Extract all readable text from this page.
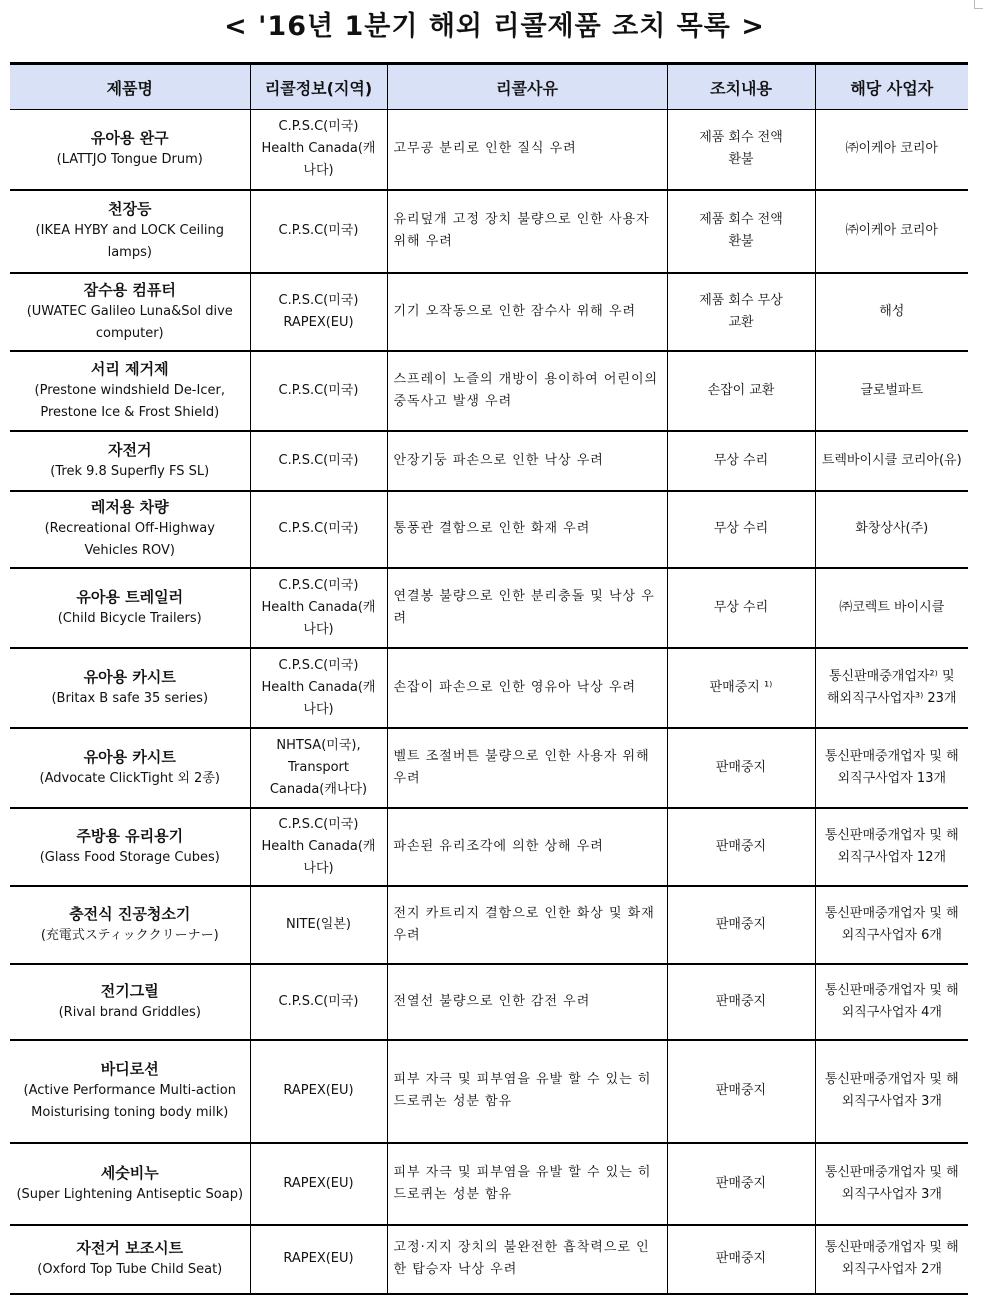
< '16년 1분기 해외 리콜제품 조치 목록 >
제품명	리콜정보(지역)	리콜사유	조치내용	해당 사업자

유아용 완구
(LATTJO Tongue Drum)	C.P.S.C(미국) Health Canada(캐나다)	고무공 분리로 인한 질식 우려	제품 회수 전액 환불	㈜이케아 코리아

천장등
(IKEA HYBY and LOCK Ceiling lamps)	C.P.S.C(미국)	유리덮개 고정 장치 불량으로 인한 사용자 위해 우려	제품 회수 전액 환불	㈜이케아 코리아

잠수용 컴퓨터
(UWATEC Galileo Luna&Sol dive computer)	C.P.S.C(미국) RAPEX(EU)	기기 오작동으로 인한 잠수사 위해 우려	제품 회수 무상 교환	해성

서리 제거제
(Prestone windshield De-Icer, Prestone Ice & Frost Shield)	C.P.S.C(미국)	스프레이 노즐의 개방이 용이하여 어린이의 중독사고 발생 우려	손잡이 교환	글로벌파트

자전거
(Trek 9.8 Superfly FS SL)	C.P.S.C(미국)	안장기둥 파손으로 인한 낙상 우려	무상 수리	트렉바이시클 코리아(유)

레저용 차량
(Recreational Off-Highway Vehicles ROV)	C.P.S.C(미국)	통풍관 결함으로 인한 화재 우려	무상 수리	화창상사(주)

유아용 트레일러
(Child Bicycle Trailers)	C.P.S.C(미국) Health Canada(캐나다)	연결봉 불량으로 인한 분리충돌 및 낙상 우려	무상 수리	㈜코렉트 바이시클

유아용 카시트
(Britax B safe 35 series)	C.P.S.C(미국) Health Canada(캐나다)	손잡이 파손으로 인한 영유아 낙상 우려	판매중지 ¹⁾	통신판매중개업자²⁾ 및 해외직구사업자³⁾ 23개

유아용 카시트
(Advocate ClickTight 외 2종)	NHTSA(미국), Transport Canada(캐나다)	벨트 조절버튼 불량으로 인한 사용자 위해 우려	판매중지	통신판매중개업자 및 해외직구사업자 13개

주방용 유리용기
(Glass Food Storage Cubes)	C.P.S.C(미국) Health Canada(캐나다)	파손된 유리조각에 의한 상해 우려	판매중지	통신판매중개업자 및 해외직구사업자 12개

충전식 진공청소기
(充電式スティッククリーナー)	NITE(일본)	전지 카트리지 결함으로 인한 화상 및 화재 우려	판매중지	통신판매중개업자 및 해외직구사업자 6개

전기그릴
(Rival brand Griddles)	C.P.S.C(미국)	전열선 불량으로 인한 감전 우려	판매중지	통신판매중개업자 및 해외직구사업자 4개

바디로션
(Active Performance Multi-action Moisturising toning body milk)	RAPEX(EU)	피부 자극 및 피부염을 유발 할 수 있는 히드로퀴논 성분 함유	판매중지	통신판매중개업자 및 해외직구사업자 3개

세숫비누
(Super Lightening Antiseptic Soap)	RAPEX(EU)	피부 자극 및 피부염을 유발 할 수 있는 히드로퀴논 성분 함유	판매중지	통신판매중개업자 및 해외직구사업자 3개

자전거 보조시트
(Oxford Top Tube Child Seat)	RAPEX(EU)	고정·지지 장치의 불완전한 흡착력으로 인한 탑승자 낙상 우려	판매중지	통신판매중개업자 및 해외직구사업자 2개
